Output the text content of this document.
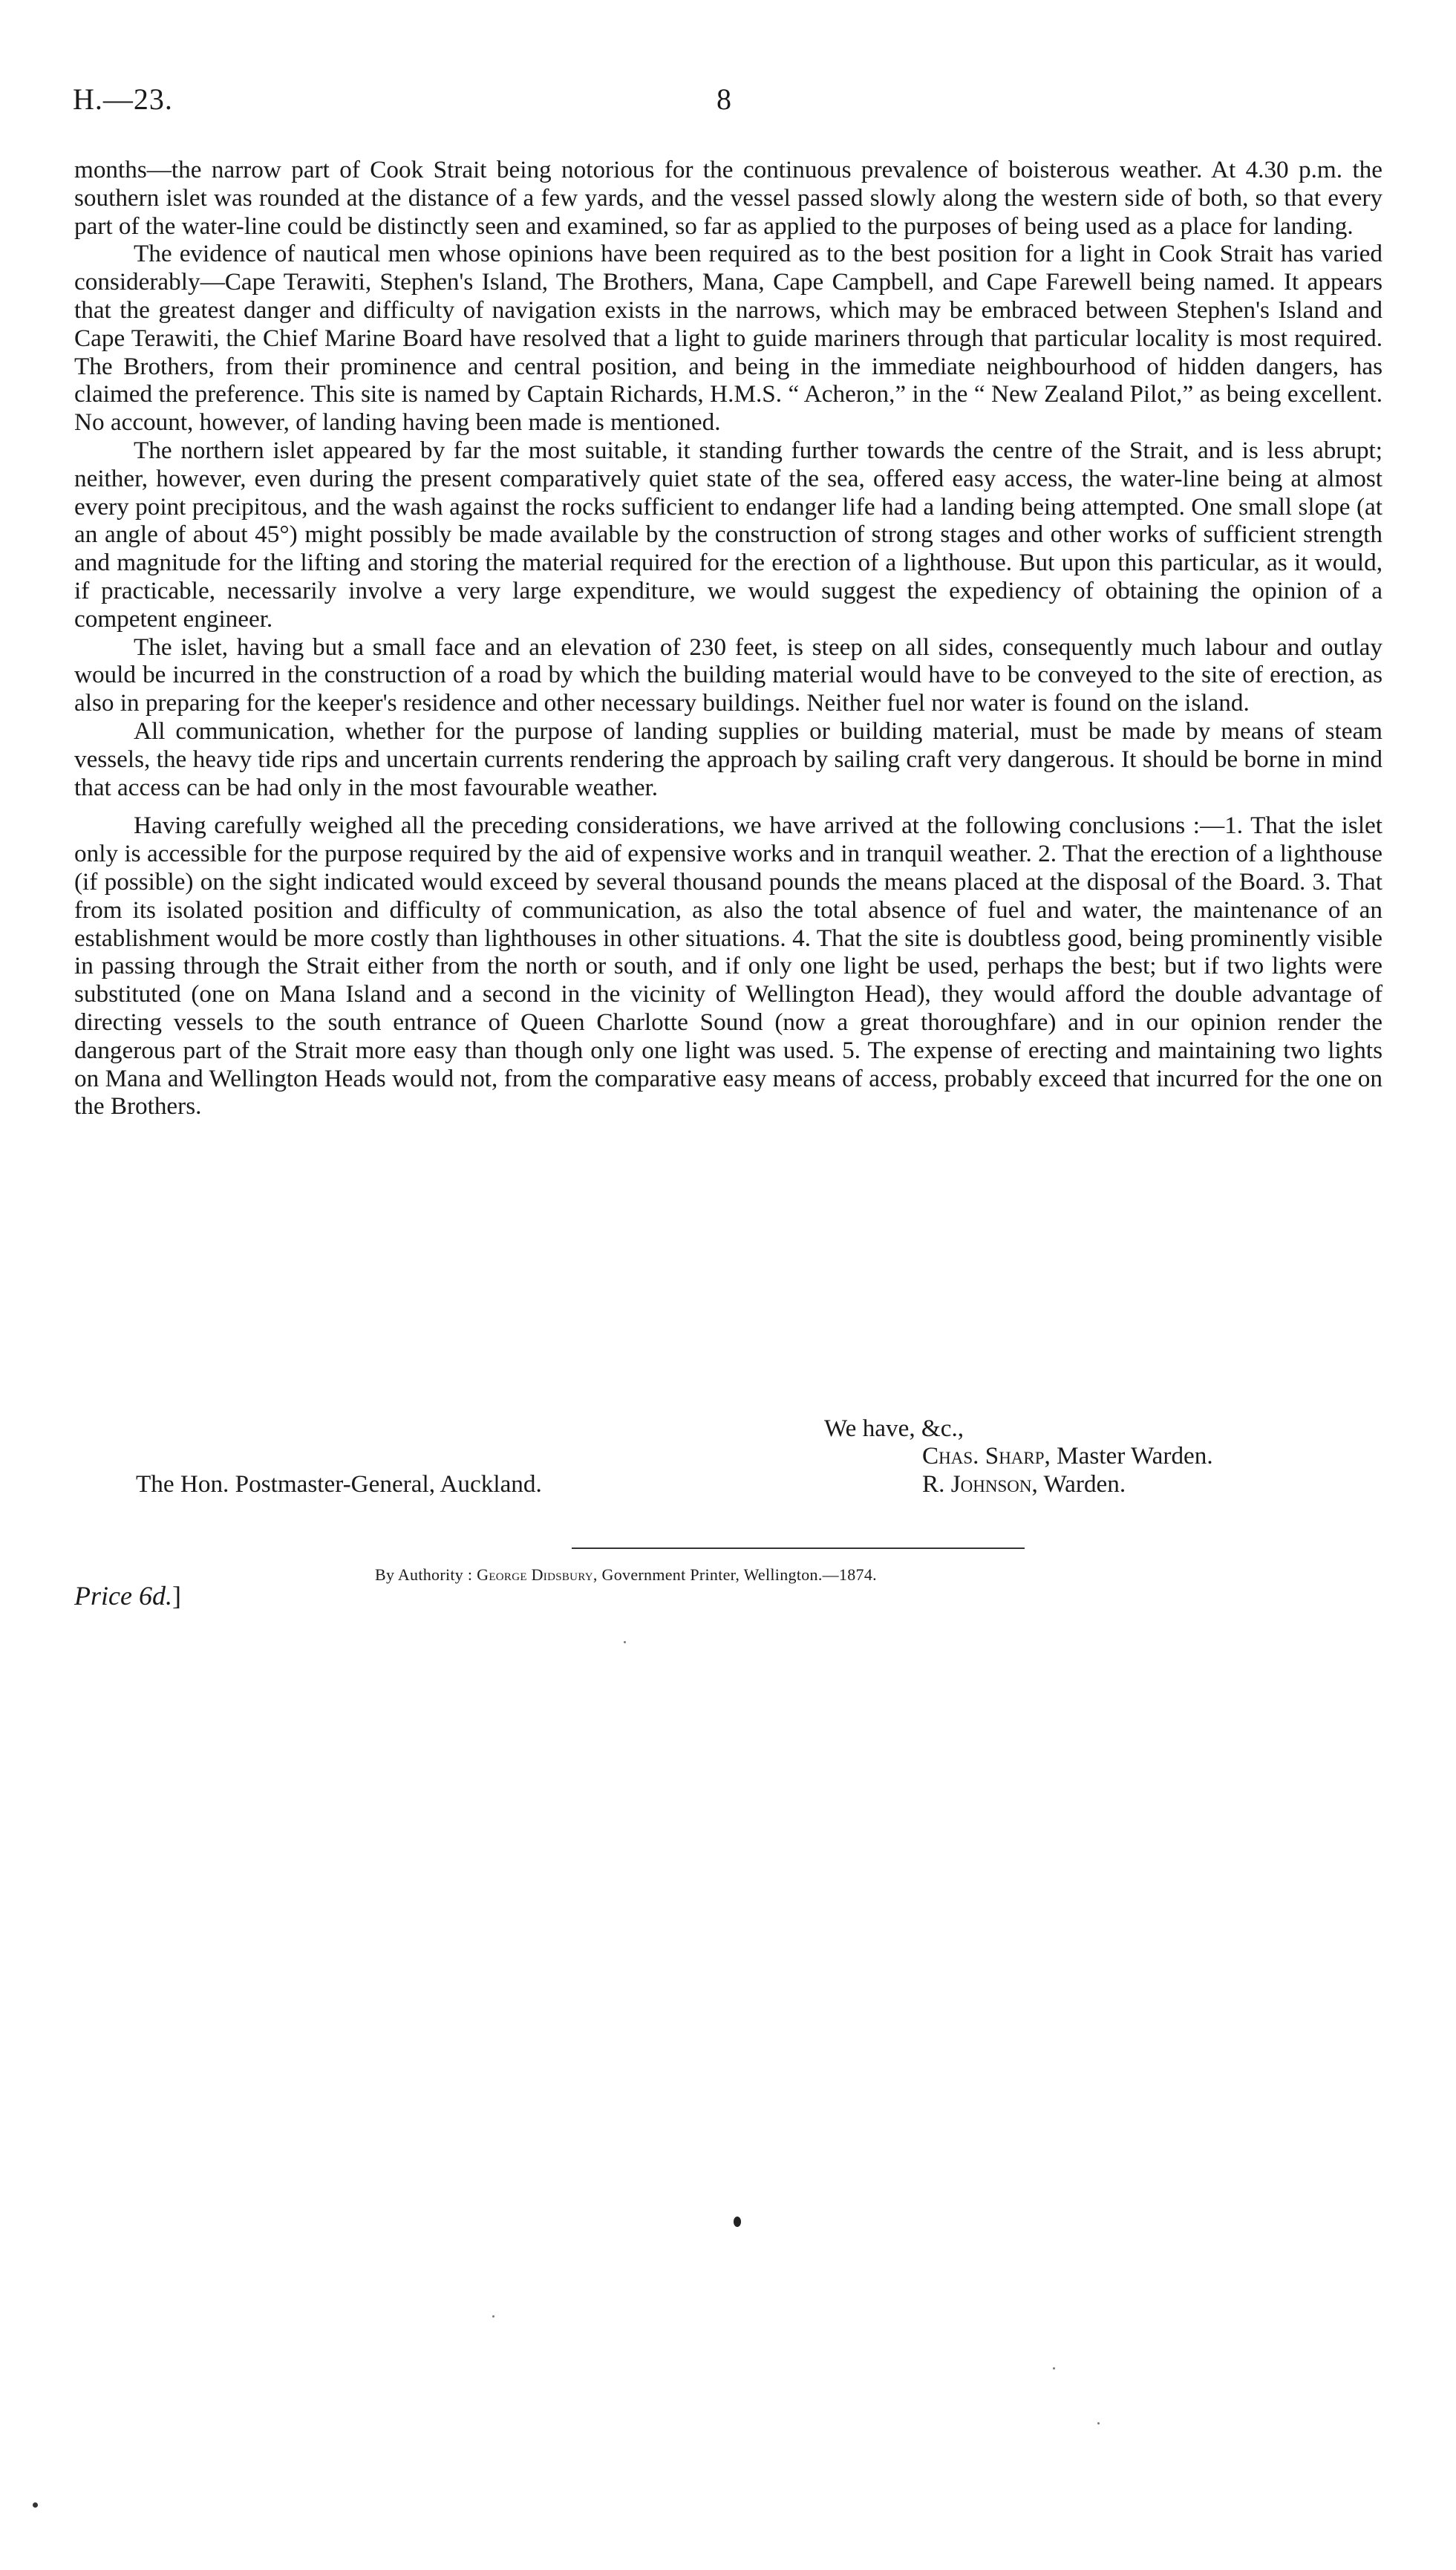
H.—23.	8

months—the narrow part of Cook Strait being notorious for the continuous prevalence of boisterous weather. At 4.30 p.m. the southern islet was rounded at the distance of a few yards, and the vessel passed slowly along the western side of both, so that every part of the water-line could be distinctly seen and examined, so far as applied to the purposes of being used as a place for landing.

The evidence of nautical men whose opinions have been required as to the best position for a light in Cook Strait has varied considerably—Cape Terawiti, Stephen's Island, The Brothers, Mana, Cape Campbell, and Cape Farewell being named. It appears that the greatest danger and difficulty of navigation exists in the narrows, which may be embraced between Stephen's Island and Cape Terawiti, the Chief Marine Board have resolved that a light to guide mariners through that particular locality is most required. The Brothers, from their prominence and central position, and being in the immediate neighbourhood of hidden dangers, has claimed the preference. This site is named by Captain Richards, H.M.S. “ Acheron,” in the “ New Zealand Pilot,” as being excellent. No account, however, of landing having been made is mentioned.

The northern islet appeared by far the most suitable, it standing further towards the centre of the Strait, and is less abrupt; neither, however, even during the present comparatively quiet state of the sea, offered easy access, the water-line being at almost every point precipitous, and the wash against the rocks sufficient to endanger life had a landing being attempted. One small slope (at an angle of about 45°) might possibly be made available by the construction of strong stages and other works of sufficient strength and magnitude for the lifting and storing the material required for the erection of a lighthouse. But upon this particular, as it would, if practicable, necessarily involve a very large expenditure, we would suggest the expediency of obtaining the opinion of a competent engineer.

The islet, having but a small face and an elevation of 230 feet, is steep on all sides, consequently much labour and outlay would be incurred in the construction of a road by which the building material would have to be conveyed to the site of erection, as also in preparing for the keeper's residence and other necessary buildings. Neither fuel nor water is found on the island.

All communication, whether for the purpose of landing supplies or building material, must be made by means of steam vessels, the heavy tide rips and uncertain currents rendering the approach by sailing craft very dangerous. It should be borne in mind that access can be had only in the most favourable weather.

Having carefully weighed all the preceding considerations, we have arrived at the following conclusions :—1. That the islet only is accessible for the purpose required by the aid of expensive works and in tranquil weather. 2. That the erection of a lighthouse (if possible) on the sight indicated would exceed by several thousand pounds the means placed at the disposal of the Board. 3. That from its isolated position and difficulty of communication, as also the total absence of fuel and water, the maintenance of an establishment would be more costly than lighthouses in other situations. 4. That the site is doubtless good, being prominently visible in passing through the Strait either from the north or south, and if only one light be used, perhaps the best; but if two lights were substituted (one on Mana Island and a second in the vicinity of Wellington Head), they would afford the double advantage of directing vessels to the south entrance of Queen Charlotte Sound (now a great thoroughfare) and in our opinion render the dangerous part of the Strait more easy than though only one light was used. 5. The expense of erecting and maintaining two lights on Mana and Wellington Heads would not, from the comparative easy means of access, probably exceed that incurred for the one on the Brothers.

We have, &c.,
Chas. Sharp, Master Warden.
R. Johnson, Warden.
The Hon. Postmaster-General, Auckland.
By Authority : George Didsbury, Government Printer, Wellington.—1874.
Price 6d.]
